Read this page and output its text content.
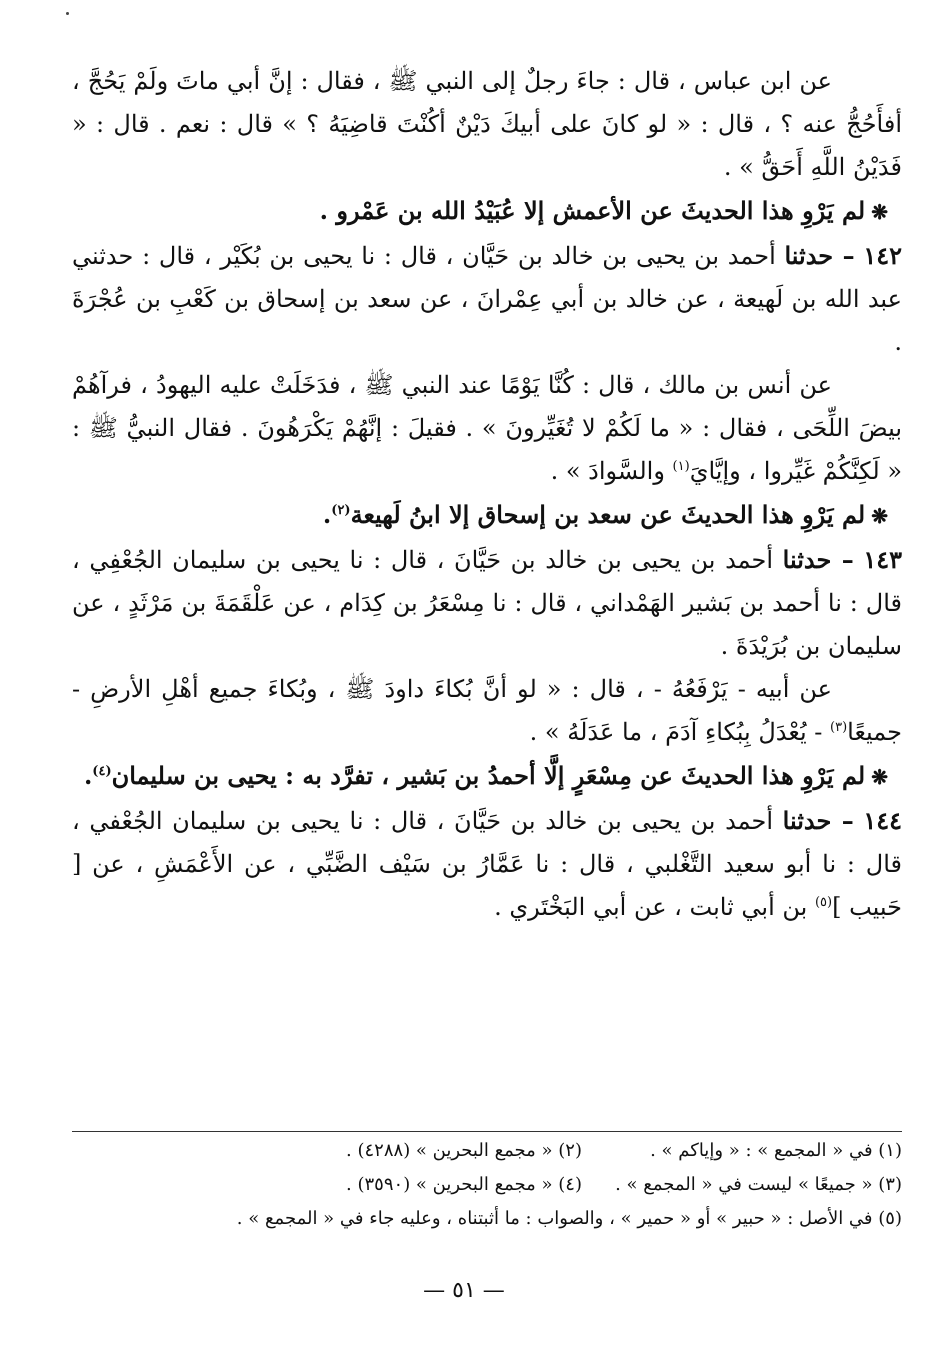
عن ابن عباس ، قال : جاءَ رجلٌ إلى النبي ﷺ ، فقال : إنَّ أبي ماتَ ولَمْ يَحُجَّ ، أفأَحُجُّ عنه ؟ ، قال : « لو كانَ على أبيكَ دَيْنٌ أكُنْتَ قاضِيَهُ ؟ » قال : نعم . قال : « فَدَيْنُ اللَّهِ أَحَقُّ » .

❋لم يَرْوِ هذا الحديثَ عن الأعمش إلا عُبَيْدُ الله بن عَمْرو .

١٤٢ – حدثنا أحمد بن يحيى بن خالد بن حَيَّان ، قال : نا يحيى بن بُكَيْر ، قال : حدثني عبد الله بن لَهيعة ، عن خالد بن أبي عِمْرانَ ، عن سعد بن إسحاق بن كَعْبِ بن عُجْرَةَ .

عن أنس بن مالك ، قال : كُنَّا يَوْمًا عند النبي ﷺ ، فدَخَلَتْ عليه اليهودُ ، فرآهُمْ بيضَ اللِّحَى ، فقال : « ما لَكُمْ لا تُغَيِّرونَ » . فقيلَ : إنَّهُمْ يَكْرَهُونَ . فقال النبيُّ ﷺ : « لَكِنَّكُمْ غَيِّروا ، وإيَّايَ$^{(١)}$ والسَّوادَ » .

❋لم يَرْوِ هذا الحديثَ عن سعد بن إسحاق إلا ابنُ لَهيعة$^{(٢)}$.

١٤٣ – حدثنا أحمد بن يحيى بن خالد بن حَيَّانَ ، قال : نا يحيى بن سليمان الجُعْفِي ، قال : نا أحمد بن بَشير الهَمْداني ، قال : نا مِسْعَرُ بن كِدَام ، عن عَلْقَمَةَ بن مَرْثَدٍ ، عن سليمان بن بُرَيْدَةَ .

عن أبيه - يَرْفَعُهُ - ، قال : « لو أنَّ بُكاءَ داودَ ﷺ ، وبُكاءَ جميع أهْلِ الأرضِ - جميعًا$^{(٣)}$ - يُعْدَلُ بِبُكاءِ آدَمَ ، ما عَدَلَهُ » .

❋لم يَرْوِ هذا الحديثَ عن مِسْعَرٍ إلَّا أحمدُ بن بَشير ، تفرَّد به : يحيى بن سليمان$^{(٤)}$.

١٤٤ – حدثنا أحمد بن يحيى بن خالد بن حَيَّانَ ، قال : نا يحيى بن سليمان الجُعْفي ، قال : نا أبو سعيد التَّغْلبي ، قال : نا عَمَّارُ بن سَيْف الضَّبِّي ، عن الأَعْمَشِ ، عن [ حَبيب ]$^{(٥)}$ بن أبي ثابت ، عن أبي البَخْتَري .

(١) في « المجمع » : « وإياكم » .
(٢) « مجمع البحرين » (٤٢٨٨) .
(٣) « جميعًا » ليست في « المجمع » .
(٤) « مجمع البحرين » (٣٥٩٠) .
(٥) في الأصل : « حبير » أو « حمير » ، والصواب : ما أثبتناه ، وعليه جاء في « المجمع » .
— ٥١ —
